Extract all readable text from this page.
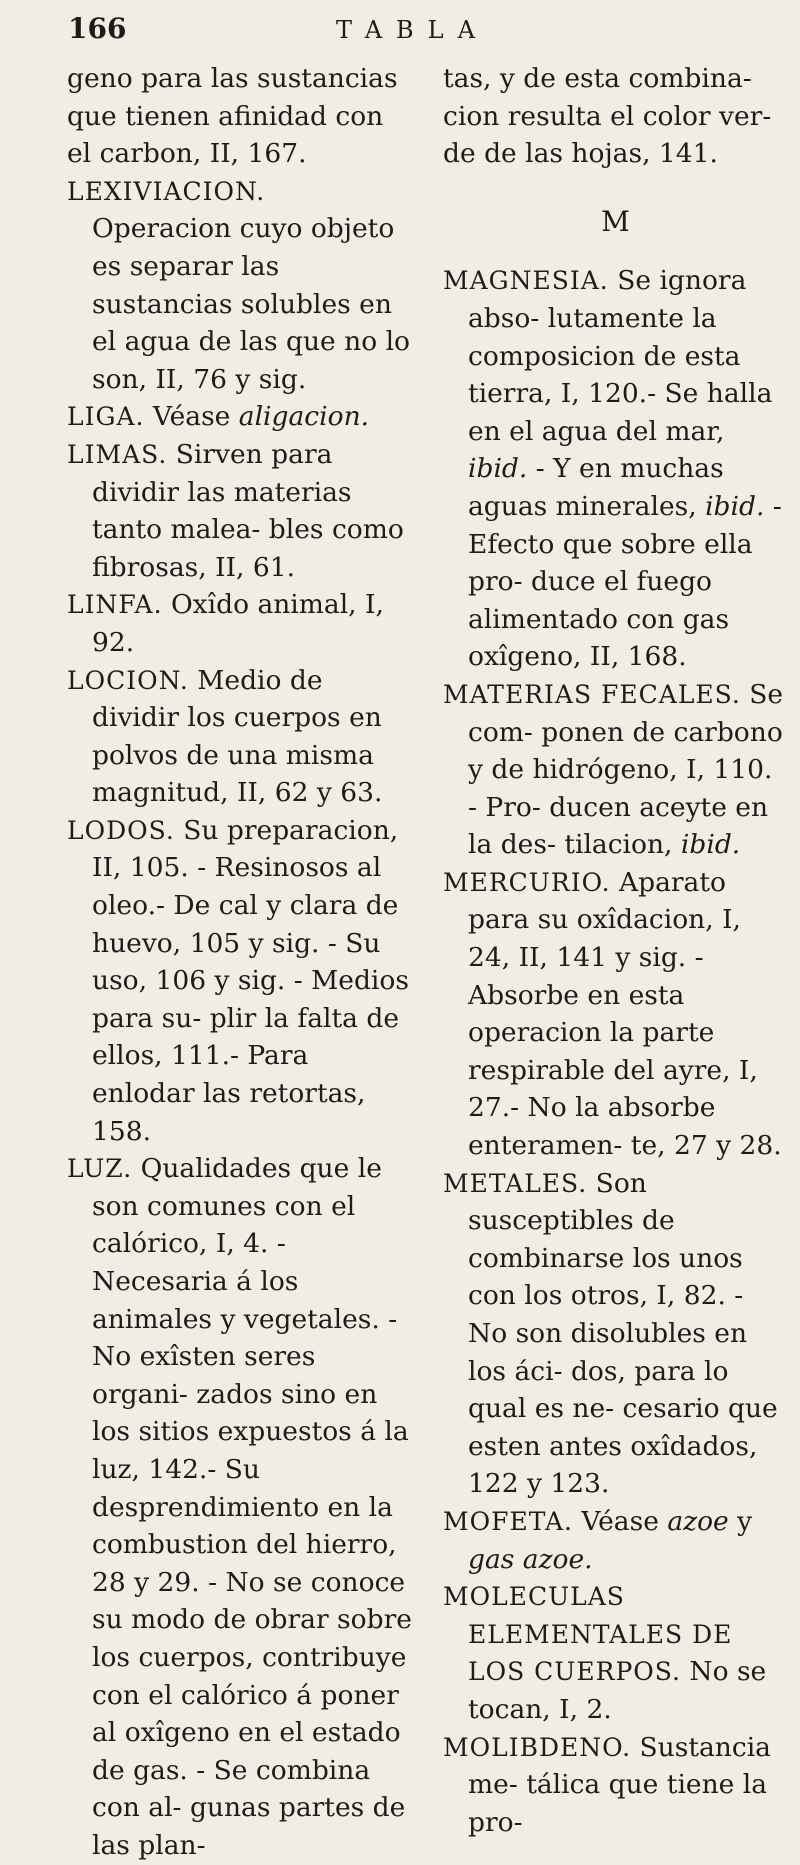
166	TABLA

geno para las sustancias que tienen afinidad con el carbon, II, 167.

LEXIVIACION. Operacion cuyo objeto es separar las sustancias solubles en el agua de las que no lo son, II, 76 y sig.

LIGA. Véase aligacion.

LIMAS. Sirven para dividir las materias tanto malea- bles como fibrosas, II, 61.

LINFA. Oxîdo animal, I, 92.

LOCION. Medio de dividir los cuerpos en polvos de una misma magnitud, II, 62 y 63.

LODOS. Su preparacion, II, 105. - Resinosos al oleo.- De cal y clara de huevo, 105 y sig. - Su uso, 106 y sig. - Medios para su- plir la falta de ellos, 111.- Para enlodar las retortas, 158.

LUZ. Qualidades que le son comunes con el calórico, I, 4. - Necesaria á los animales y vegetales. - No exîsten seres organi- zados sino en los sitios expuestos á la luz, 142.- Su desprendimiento en la combustion del hierro, 28 y 29. - No se conoce su modo de obrar sobre los cuerpos, contribuye con el calórico á poner al oxîgeno en el estado de gas. - Se combina con al- gunas partes de las plan-

tas, y de esta combina- cion resulta el color ver- de de las hojas, 141.

M

MAGNESIA. Se ignora abso- lutamente la composicion de esta tierra, I, 120.- Se halla en el agua del mar, ibid. - Y en muchas aguas minerales, ibid. - Efecto que sobre ella pro- duce el fuego alimentado con gas oxîgeno, II, 168.

MATERIAS FECALES. Se com- ponen de carbono y de hidrógeno, I, 110. - Pro- ducen aceyte en la des- tilacion, ibid.

MERCURIO. Aparato para su oxîdacion, I, 24, II, 141 y sig. - Absorbe en esta operacion la parte respirable del ayre, I, 27.- No la absorbe enteramen- te, 27 y 28.

METALES. Son susceptibles de combinarse los unos con los otros, I, 82. - No son disolubles en los áci- dos, para lo qual es ne- cesario que esten antes oxîdados, 122 y 123.

MOFETA. Véase azoe y gas azoe.

MOLECULAS ELEMENTALES DE LOS CUERPOS. No se tocan, I, 2.

MOLIBDENO. Sustancia me- tálica que tiene la pro-
